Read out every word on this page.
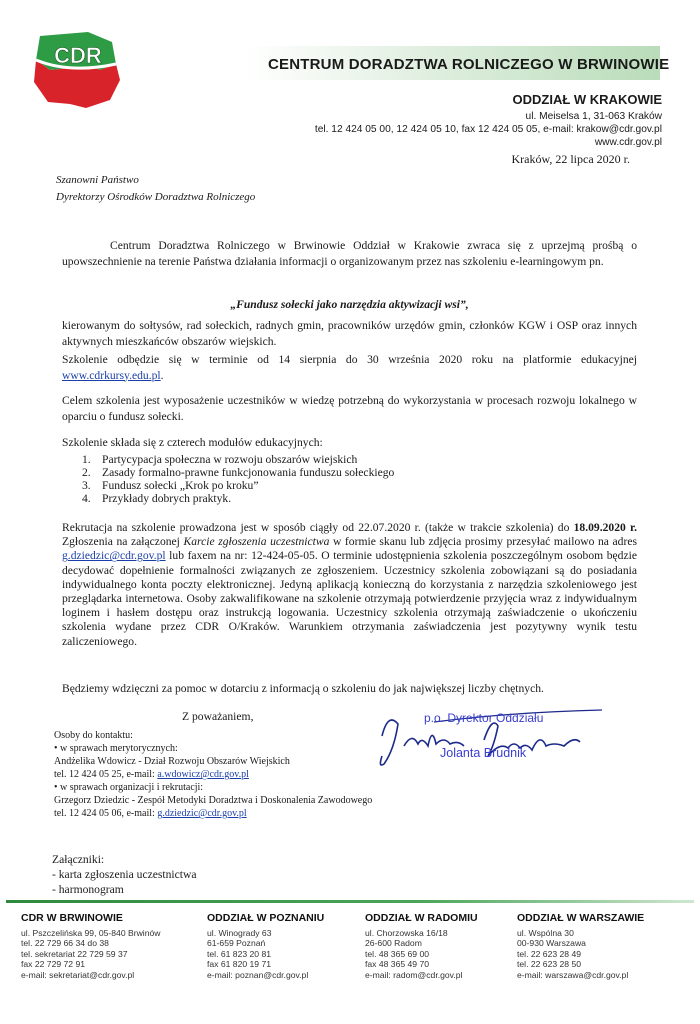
CDR	CENTRUM DORADZTWA ROLNICZEGO W BRWINOWIE
ODDZIAŁ W KRAKOWIE
ul. Meiselsa 1, 31-063 Kraków
tel. 12 424 05 00, 12 424 05 10, fax 12 424 05 05, e-mail: krakow@cdr.gov.pl
www.cdr.gov.pl
Kraków, 22 lipca 2020 r.
Szanowni Państwo
Dyrektorzy Ośrodków Doradztwa Rolniczego
Centrum Doradztwa Rolniczego w Brwinowie Oddział w Krakowie zwraca się z uprzejmą prośbą o upowszechnienie na terenie Państwa działania informacji o organizowanym przez nas szkoleniu e-learningowym pn.
„Fundusz sołecki jako narzędzia aktywizacji wsi”,
kierowanym do sołtysów, rad sołeckich, radnych gmin, pracowników urzędów gmin, członków KGW i OSP oraz innych aktywnych mieszkańców obszarów wiejskich.
Szkolenie odbędzie się w terminie od 14 sierpnia do 30 września 2020 roku na platformie edukacyjnej www.cdrkursy.edu.pl.
Celem szkolenia jest wyposażenie uczestników w wiedzę potrzebną do wykorzystania w procesach rozwoju lokalnego w oparciu o fundusz sołecki.
Szkolenie składa się z czterech modułów edukacyjnych:
1. Partycypacja społeczna w rozwoju obszarów wiejskich
2. Zasady formalno-prawne funkcjonowania funduszu sołeckiego
3. Fundusz sołecki „Krok po kroku”
4. Przykłady dobrych praktyk.
Rekrutacja na szkolenie prowadzona jest w sposób ciągły od 22.07.2020 r. (także w trakcie szkolenia) do 18.09.2020 r. Zgłoszenia na załączonej Karcie zgłoszenia uczestnictwa w formie skanu lub zdjęcia prosimy przesyłać mailowo na adres g.dziedzic@cdr.gov.pl lub faxem na nr: 12-424-05-05. O terminie udostępnienia szkolenia poszczególnym osobom będzie decydować dopełnienie formalności związanych ze zgłoszeniem. Uczestnicy szkolenia zobowiązani są do posiadania indywidualnego konta poczty elektronicznej. Jedyną aplikacją konieczną do korzystania z narzędzia szkoleniowego jest przeglądarka internetowa. Osoby zakwalifikowane na szkolenie otrzymają potwierdzenie przyjęcia wraz z indywidualnym loginem i hasłem dostępu oraz instrukcją logowania. Uczestnicy szkolenia otrzymają zaświadczenie o ukończeniu szkolenia wydane przez CDR O/Kraków. Warunkiem otrzymania zaświadczenia jest pozytywny wynik testu zaliczeniowego.
Będziemy wdzięczni za pomoc w dotarciu z informacją o szkoleniu do jak największej liczby chętnych.
Z poważaniem,	p.o. Dyrektor Oddziału
Jolanta Brudnik
Osoby do kontaktu:
• w sprawach merytorycznych:
Andżelika Wdowicz - Dział Rozwoju Obszarów Wiejskich
tel. 12 424 05 25, e-mail: a.wdowicz@cdr.gov.pl
• w sprawach organizacji i rekrutacji:
Grzegorz Dziedzic - Zespół Metodyki Doradztwa i Doskonalenia Zawodowego
tel. 12 424 05 06, e-mail: g.dziedzic@cdr.gov.pl
Załączniki:
- karta zgłoszenia uczestnictwa
- harmonogram
CDR W BRWINOWIE
ul. Pszczelińska 99, 05-840 Brwinów
tel. 22 729 66 34 do 38
tel. sekretariat 22 729 59 37
fax 22 729 72 91
e-mail: sekretariat@cdr.gov.pl
ODDZIAŁ W POZNANIU
ul. Winogrady 63
61-659 Poznań
tel. 61 823 20 81
fax 61 820 19 71
e-mail: poznan@cdr.gov.pl
ODDZIAŁ W RADOMIU
ul. Chorzowska 16/18
26-600 Radom
tel. 48 365 69 00
fax 48 365 49 70
e-mail: radom@cdr.gov.pl
ODDZIAŁ W WARSZAWIE
ul. Wspólna 30
00-930 Warszawa
tel. 22 623 28 49
tel. 22 623 28 50
e-mail: warszawa@cdr.gov.pl
